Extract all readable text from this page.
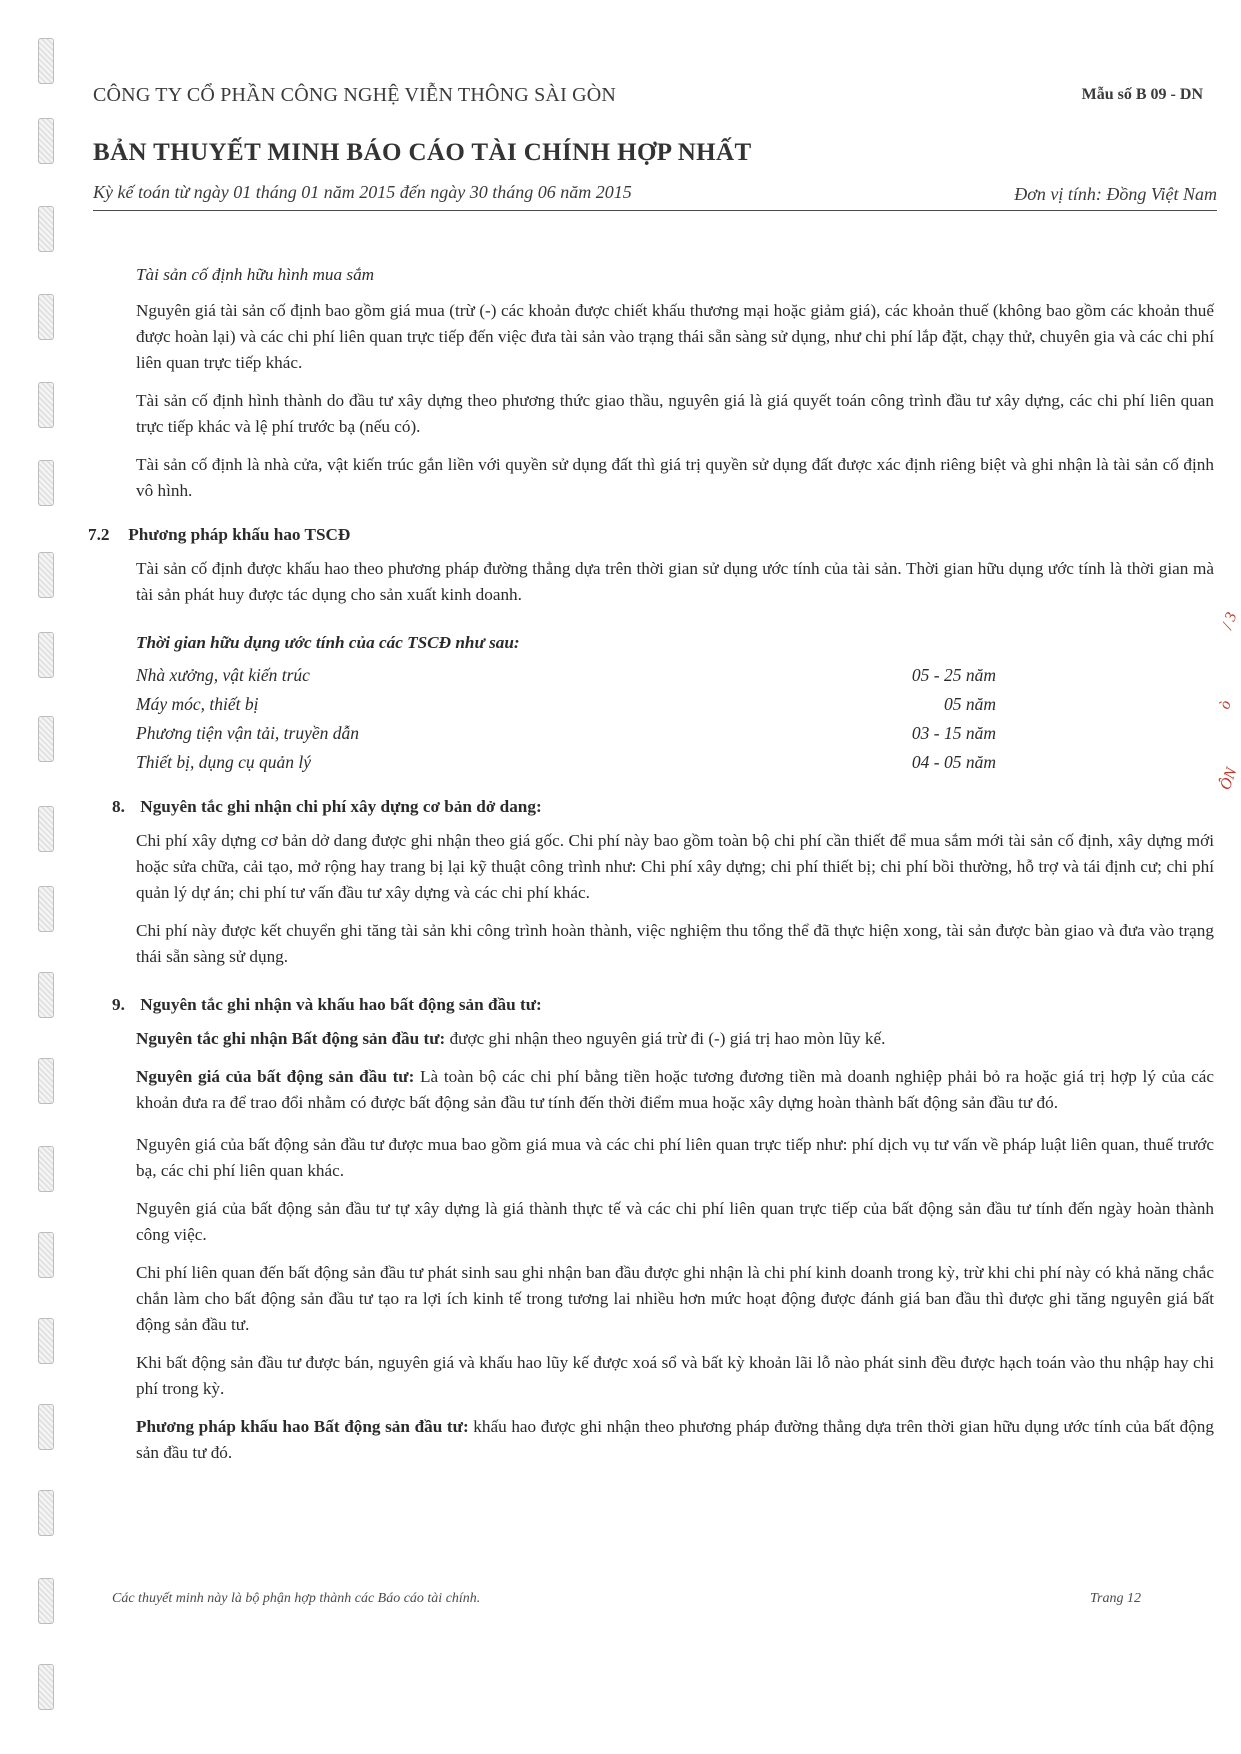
CÔNG TY CỔ PHẦN CÔNG NGHỆ VIỄN THÔNG SÀI GÒN	Mẫu số B 09 - DN
BẢN THUYẾT MINH BÁO CÁO TÀI CHÍNH HỢP NHẤT
Kỳ kế toán từ ngày 01 tháng 01 năm 2015 đến ngày 30 tháng 06 năm 2015	Đơn vị tính: Đồng Việt Nam

Tài sản cố định hữu hình mua sắm

Nguyên giá tài sản cố định bao gồm giá mua (trừ (-) các khoản được chiết khấu thương mại hoặc giảm giá), các khoản thuế (không bao gồm các khoản thuế được hoàn lại) và các chi phí liên quan trực tiếp đến việc đưa tài sản vào trạng thái sẵn sàng sử dụng, như chi phí lắp đặt, chạy thử, chuyên gia và các chi phí liên quan trực tiếp khác.

Tài sản cố định hình thành do đầu tư xây dựng theo phương thức giao thầu, nguyên giá là giá quyết toán công trình đầu tư xây dựng, các chi phí liên quan trực tiếp khác và lệ phí trước bạ (nếu có).

Tài sản cố định là nhà cửa, vật kiến trúc gắn liền với quyền sử dụng đất thì giá trị quyền sử dụng đất được xác định riêng biệt và ghi nhận là tài sản cố định vô hình.

7.2 Phương pháp khấu hao TSCĐ

Tài sản cố định được khấu hao theo phương pháp đường thẳng dựa trên thời gian sử dụng ước tính của tài sản. Thời gian hữu dụng ước tính là thời gian mà tài sản phát huy được tác dụng cho sản xuất kinh doanh.

Thời gian hữu dụng ước tính của các TSCĐ như sau:
Nhà xưởng, vật kiến trúc	05 - 25 năm	
Máy móc, thiết bị	05 năm	
Phương tiện vận tải, truyền dẫn	03 - 15 năm	
Thiết bị, dụng cụ quản lý	04 - 05 năm	
8. Nguyên tắc ghi nhận chi phí xây dựng cơ bản dở dang:

Chi phí xây dựng cơ bản dở dang được ghi nhận theo giá gốc. Chi phí này bao gồm toàn bộ chi phí cần thiết để mua sắm mới tài sản cố định, xây dựng mới hoặc sửa chữa, cải tạo, mở rộng hay trang bị lại kỹ thuật công trình như: Chi phí xây dựng; chi phí thiết bị; chi phí bồi thường, hỗ trợ và tái định cư; chi phí quản lý dự án; chi phí tư vấn đầu tư xây dựng và các chi phí khác.

Chi phí này được kết chuyển ghi tăng tài sản khi công trình hoàn thành, việc nghiệm thu tổng thể đã thực hiện xong, tài sản được bàn giao và đưa vào trạng thái sẵn sàng sử dụng.

9. Nguyên tắc ghi nhận và khấu hao bất động sản đầu tư:

Nguyên tắc ghi nhận Bất động sản đầu tư: được ghi nhận theo nguyên giá trừ đi (-) giá trị hao mòn lũy kế.

Nguyên giá của bất động sản đầu tư: Là toàn bộ các chi phí bằng tiền hoặc tương đương tiền mà doanh nghiệp phải bỏ ra hoặc giá trị hợp lý của các khoản đưa ra để trao đổi nhằm có được bất động sản đầu tư tính đến thời điểm mua hoặc xây dựng hoàn thành bất động sản đầu tư đó.

Nguyên giá của bất động sản đầu tư được mua bao gồm giá mua và các chi phí liên quan trực tiếp như: phí dịch vụ tư vấn về pháp luật liên quan, thuế trước bạ, các chi phí liên quan khác.

Nguyên giá của bất động sản đầu tư tự xây dựng là giá thành thực tế và các chi phí liên quan trực tiếp của bất động sản đầu tư tính đến ngày hoàn thành công việc.

Chi phí liên quan đến bất động sản đầu tư phát sinh sau ghi nhận ban đầu được ghi nhận là chi phí kinh doanh trong kỳ, trừ khi chi phí này có khả năng chắc chắn làm cho bất động sản đầu tư tạo ra lợi ích kinh tế trong tương lai nhiều hơn mức hoạt động được đánh giá ban đầu thì được ghi tăng nguyên giá bất động sản đầu tư.

Khi bất động sản đầu tư được bán, nguyên giá và khấu hao lũy kế được xoá sổ và bất kỳ khoản lãi lỗ nào phát sinh đều được hạch toán vào thu nhập hay chi phí trong kỳ.

Phương pháp khấu hao Bất động sản đầu tư: khấu hao được ghi nhận theo phương pháp đường thẳng dựa trên thời gian hữu dụng ước tính của bất động sản đầu tư đó.

/ 3
ò
ÔN
Các thuyết minh này là bộ phận hợp thành các Báo cáo tài chính.	Trang 12
